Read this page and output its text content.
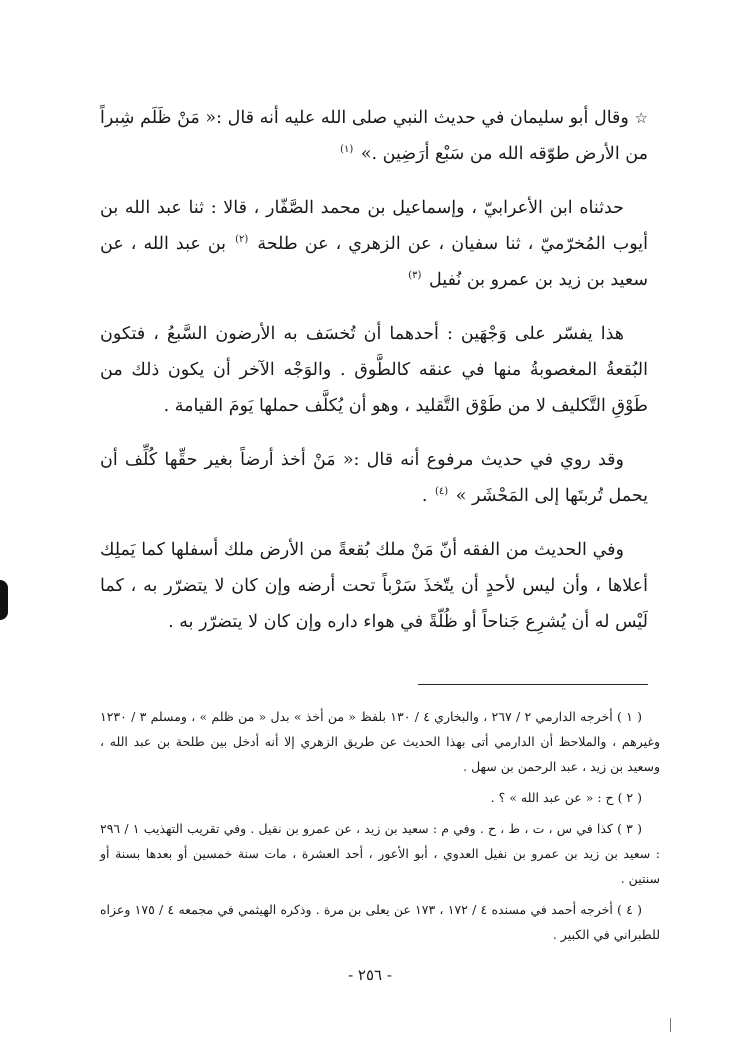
☆ وقال أبو سليمان في حديث النبي صلى الله عليه أنه قال :« مَنْ ظَلَم شِبراً من الأرض طوّقه الله من سَبْع أرَضِين .» $^{(١)}$

حدثناه ابن الأعرابيّ ، وإسماعيل بن محمد الصَّفّار ، قالا : ثنا عبد الله بن أيوب المُخرّميّ ، ثنا سفيان ، عن الزهري ، عن طلحة $^{(٢)}$ بن عبد الله ، عن سعيد بن زيد بن عمرو بن نُفيل $^{(٣)}$

هذا يفسّر على وَجْهَين : أحدهما أن تُخسَف به الأرضون السَّبعُ ، فتكون البُقعةُ المغصوبةُ منها في عنقه كالطَّوق . والوَجْه الآخر أن يكون ذلك من طَوْقِ التَّكليف لا من طَوْق التَّقليد ، وهو أن يُكلَّف حملها يَومَ القيامة .

وقد روي في حديث مرفوع أنه قال :« مَنْ أخذ أرضاً بغير حقِّها كُلِّف أن يحمل تُربتَها إلى المَحْشَر » $^{(٤)}$ .

وفي الحديث من الفقه أنّ مَنْ ملك بُقعةً من الأرض ملك أسفلها كما يَملِك أعلاها ، وأن ليس لأحدٍ أن يتّخذَ سَرْباً تحت أرضه وإن كان لا يتضرّر به ، كما لَيْس له أن يُشرِع جَناحاً أو ظُلّةً في هواء داره وإن كان لا يتضرّر به .

( ١ ) أخرجه الدارمي ٢ / ٢٦٧ ، والبخاري ٤ / ١٣٠ بلفظ « من أخذ » بدل « من ظلم » ، ومسلم ٣ / ١٢٣٠ وغيرهم ، والملاحظ أن الدارمي أتى بهذا الحديث عن طريق الزهري إلا أنه أدخل بين طلحة بن عبد الله ، وسعيد بن زيد ، عبد الرحمن بن سهل .

( ٢ ) ح : « عن عبد الله » ؟ .

( ٣ ) كذا في س ، ت ، ط ، ح . وفي م : سعيد بن زيد ، عن عمرو بن نفيل . وفي تقريب التهذيب ١ / ٢٩٦ : سعيد بن زيد بن عمرو بن نفيل العدوي ، أبو الأعور ، أحد العشرة ، مات سنة خمسين أو بعدها بسنة أو سنتين .

( ٤ ) أخرجه أحمد في مسنده ٤ / ١٧٢ ، ١٧٣ عن يعلى بن مرة . وذكره الهيثمي في مجمعه ٤ / ١٧٥ وعزاه للطبراني في الكبير .

- ٢٥٦ -
